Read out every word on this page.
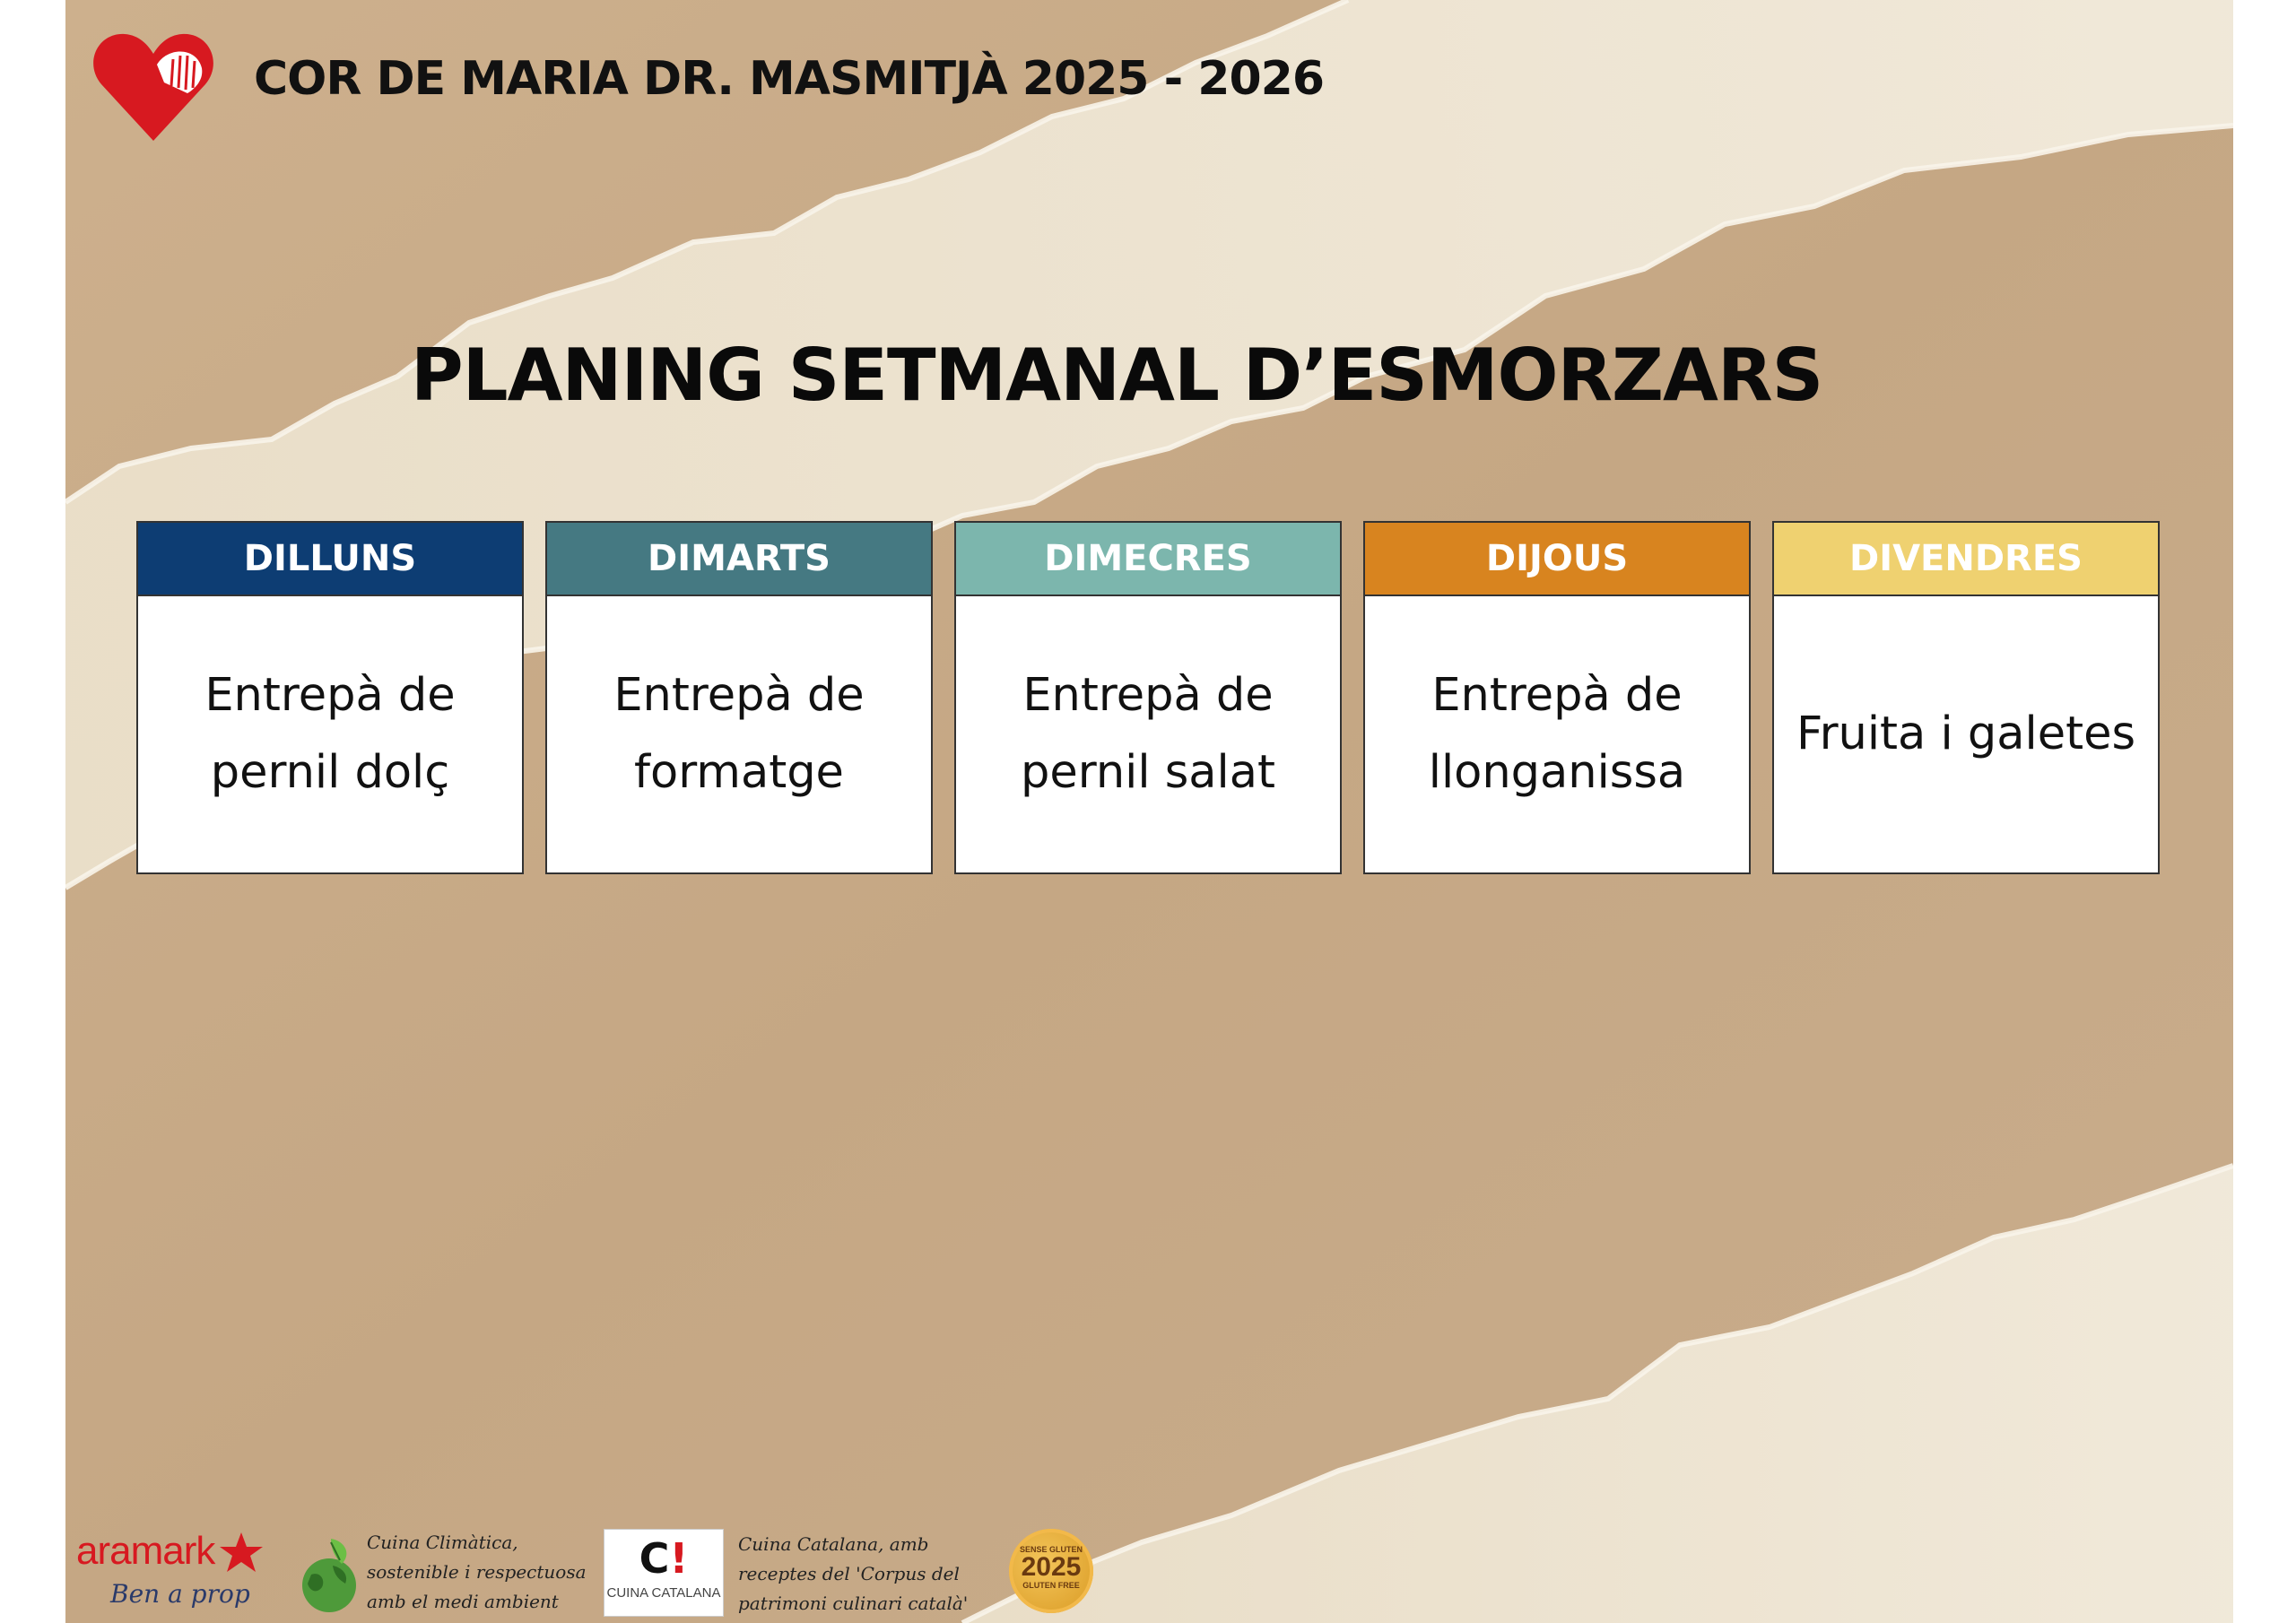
COR DE MARIA DR. MASMITJÀ 2025 - 2026
PLANING SETMANAL D’ESMORZARS
DILLUNS
Entrepà de
pernil dolç
DIMARTS
Entrepà de
formatge
DIMECRES
Entrepà de
pernil salat
DIJOUS
Entrepà de
llonganissa
DIVENDRES
Fruita i galetes
aramark
Ben a prop
Cuina Climàtica,
sostenible i respectuosa
amb el medi ambient
C!
CUINA CATALANA
Cuina Catalana, amb
receptes del 'Corpus del
patrimoni culinari català'
SENSE GLUTEN
2025
GLUTEN FREE
